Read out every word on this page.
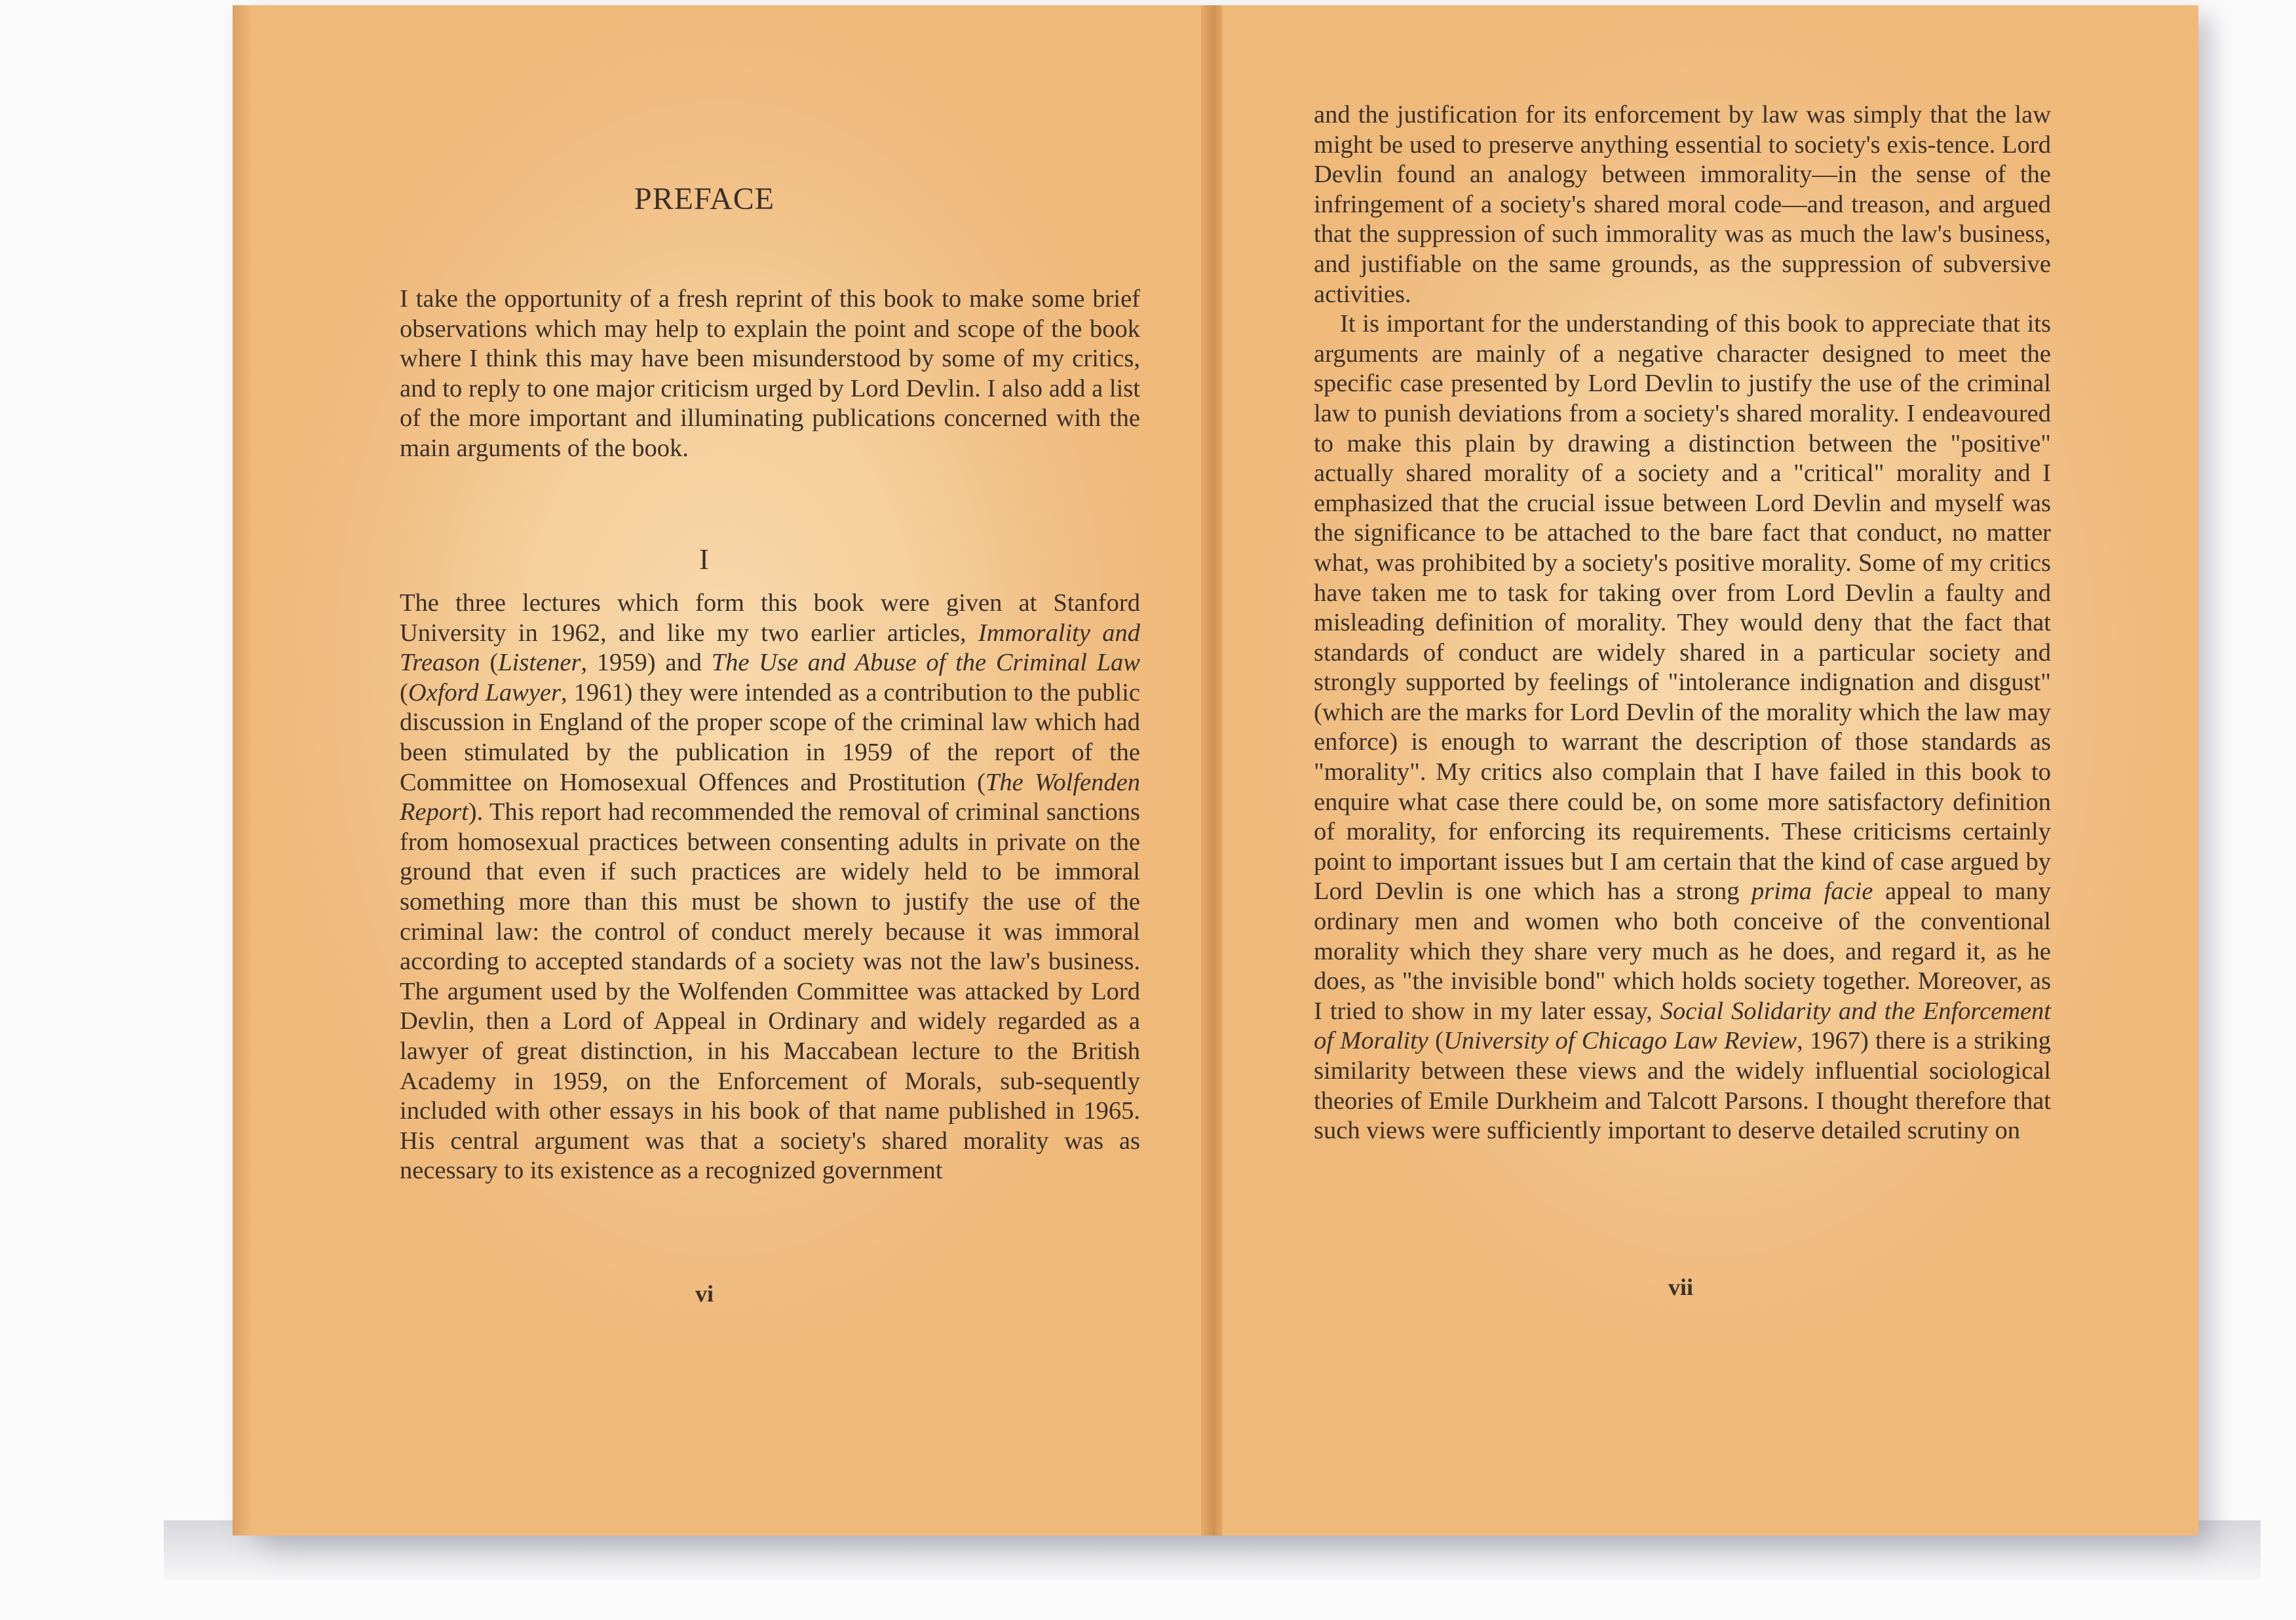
PREFACE

I take the opportunity of a fresh reprint of this book to make some brief observations which may help to explain the point and scope of the book where I think this may have been misunderstood by some of my critics, and to reply to one major criticism urged by Lord Devlin. I also add a list of the more important and illuminating publications concerned with the main arguments of the book.

I

The three lectures which form this book were given at Stanford University in 1962, and like my two earlier articles, Immorality and Treason (Listener, 1959) and The Use and Abuse of the Criminal Law (Oxford Lawyer, 1961) they were intended as a contribution to the public discussion in England of the proper scope of the criminal law which had been stimulated by the publication in 1959 of the report of the Committee on Homosexual Offences and Prostitution (The Wolfenden Report). This report had recommended the removal of criminal sanctions from homosexual practices between consenting adults in private on the ground that even if such practices are widely held to be immoral something more than this must be shown to justify the use of the criminal law: the control of conduct merely because it was immoral according to accepted standards of a society was not the law's business. The argument used by the Wolfenden Committee was attacked by Lord Devlin, then a Lord of Appeal in Ordinary and widely regarded as a lawyer of great distinction, in his Maccabean lecture to the British Academy in 1959, on the Enforcement of Morals, sub-sequently included with other essays in his book of that name published in 1965. His central argument was that a society's shared morality was as necessary to its existence as a recognized government

vi

and the justification for its enforcement by law was simply that the law might be used to preserve anything essential to society's exis-tence. Lord Devlin found an analogy between immorality—in the sense of the infringement of a society's shared moral code—and treason, and argued that the suppression of such immorality was as much the law's business, and justifiable on the same grounds, as the suppression of subversive activities.

It is important for the understanding of this book to appreciate that its arguments are mainly of a negative character designed to meet the specific case presented by Lord Devlin to justify the use of the criminal law to punish deviations from a society's shared morality. I endeavoured to make this plain by drawing a distinction between the "positive" actually shared morality of a society and a "critical" morality and I emphasized that the crucial issue between Lord Devlin and myself was the significance to be attached to the bare fact that conduct, no matter what, was prohibited by a society's positive morality. Some of my critics have taken me to task for taking over from Lord Devlin a faulty and misleading definition of morality. They would deny that the fact that standards of conduct are widely shared in a particular society and strongly supported by feelings of "intolerance indignation and disgust" (which are the marks for Lord Devlin of the morality which the law may enforce) is enough to warrant the description of those standards as "morality". My critics also complain that I have failed in this book to enquire what case there could be, on some more satisfactory definition of morality, for enforcing its requirements. These criticisms certainly point to important issues but I am certain that the kind of case argued by Lord Devlin is one which has a strong prima facie appeal to many ordinary men and women who both conceive of the conventional morality which they share very much as he does, and regard it, as he does, as "the invisible bond" which holds society together. Moreover, as I tried to show in my later essay, Social Solidarity and the Enforcement of Morality (University of Chicago Law Review, 1967) there is a striking similarity between these views and the widely influential sociological theories of Emile Durkheim and Talcott Parsons. I thought therefore that such views were sufficiently important to deserve detailed scrutiny on

vii
